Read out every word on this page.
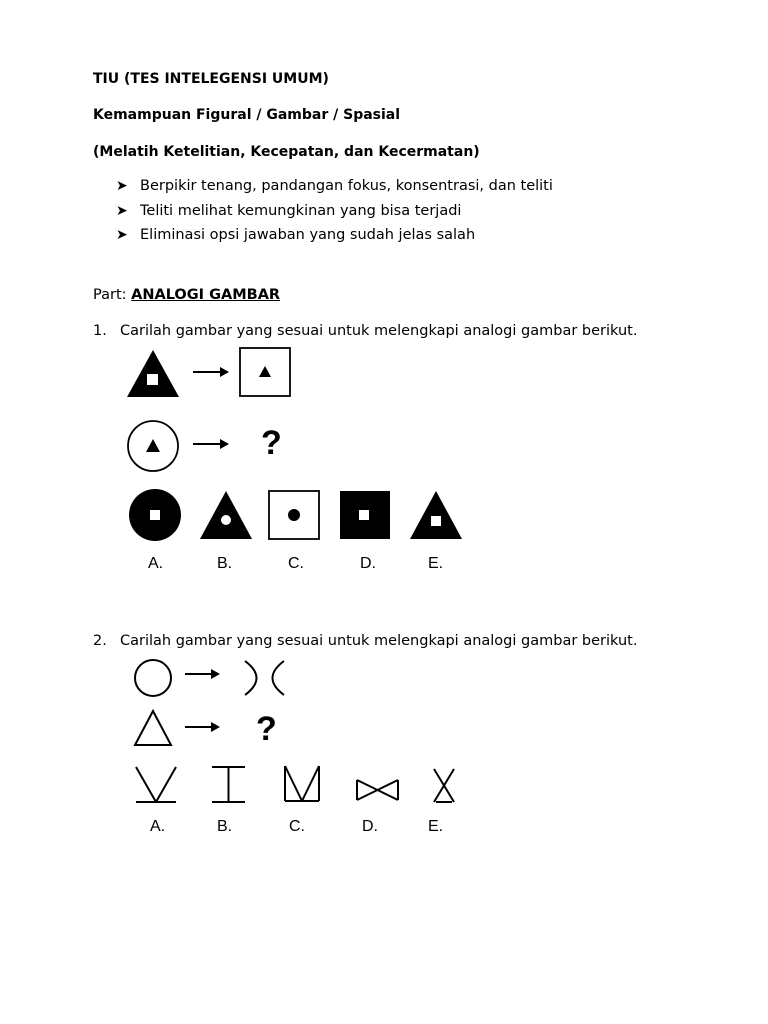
TIU (TES INTELEGENSI UMUM)
Kemampuan Figural / Gambar / Spasial
(Melatih Ketelitian, Kecepatan, dan Kecermatan)
➤ Berpikir tenang, pandangan fokus, konsentrasi, dan teliti
➤ Teliti melihat kemungkinan yang bisa terjadi
➤ Eliminasi opsi jawaban yang sudah jelas salah
Part: ANALOGI GAMBAR
1. Carilah gambar yang sesuai untuk melengkapi analogi gambar berikut.
?
A.	B.	C.	D.	E.
2. Carilah gambar yang sesuai untuk melengkapi analogi gambar berikut.
?
A.	B.	C.	D.	E.
